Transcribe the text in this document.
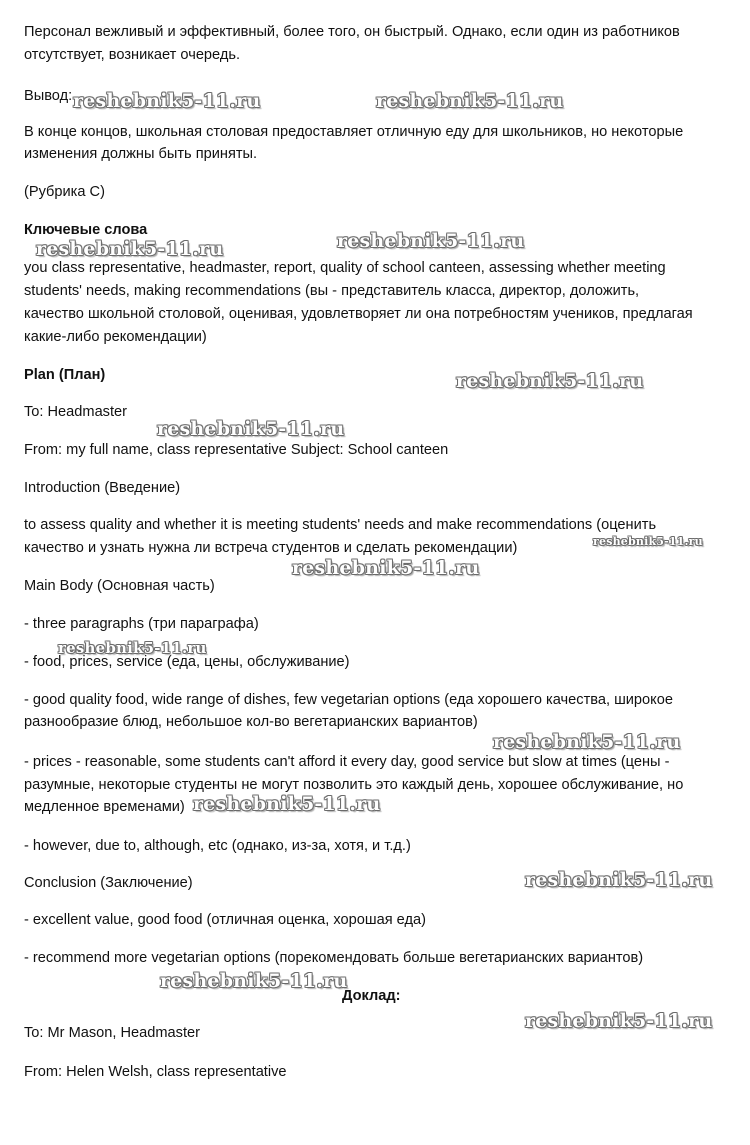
Персонал вежливый и эффективный, более того, он быстрый. Однако, если один из работников
отсутствует, возникает очередь.
Вывод:
В конце концов, школьная столовая предоставляет отличную еду для школьников, но некоторые
изменения должны быть приняты.
(Рубрика С)
Ключевые слова
you class representative, headmaster, report, quality of school canteen, assessing whether meeting
students' needs, making recommendations (вы - представитель класса, директор, доложить,
качество школьной столовой, оценивая, удовлетворяет ли она потребностям учеников, предлагая
какие-либо рекомендации)
Plan (План)
To: Headmaster
From: my full name, class representative Subject: School canteen
Introduction (Введение)
to assess quality and whether it is meeting students' needs and make recommendations (оценить
качество и узнать нужна ли встреча студентов и сделать рекомендации)
Main Body (Основная часть)
- three paragraphs (три параграфа)
- food, prices, service (еда, цены, обслуживание)
- good quality food, wide range of dishes, few vegetarian options (еда хорошего качества, широкое
разнообразие блюд, небольшое кол-во вегетарианских вариантов)
- prices - reasonable, some students can't afford it every day, good service but slow at times (цены -
разумные, некоторые студенты не могут позволить это каждый день, хорошее обслуживание, но
медленное временами)
- however, due to, although, etc (однако, из-за, хотя, и т.д.)
Conclusion (Заключение)
- excellent value, good food (отличная оценка, хорошая еда)
- recommend more vegetarian options (порекомендовать больше вегетарианских вариантов)
Доклад:
To: Mr Mason, Headmaster
From: Helen Welsh, class representative
reshebnik5-11.ru	reshebnik5-11.ru
reshebnik5-11.ru	reshebnik5-11.ru
reshebnik5-11.ru
reshebnik5-11.ru
reshebnik5-11.ru
reshebnik5-11.ru
reshebnik5-11.ru
reshebnik5-11.ru
reshebnik5-11.ru
reshebnik5-11.ru
reshebnik5-11.ru
reshebnik5-11.ru
